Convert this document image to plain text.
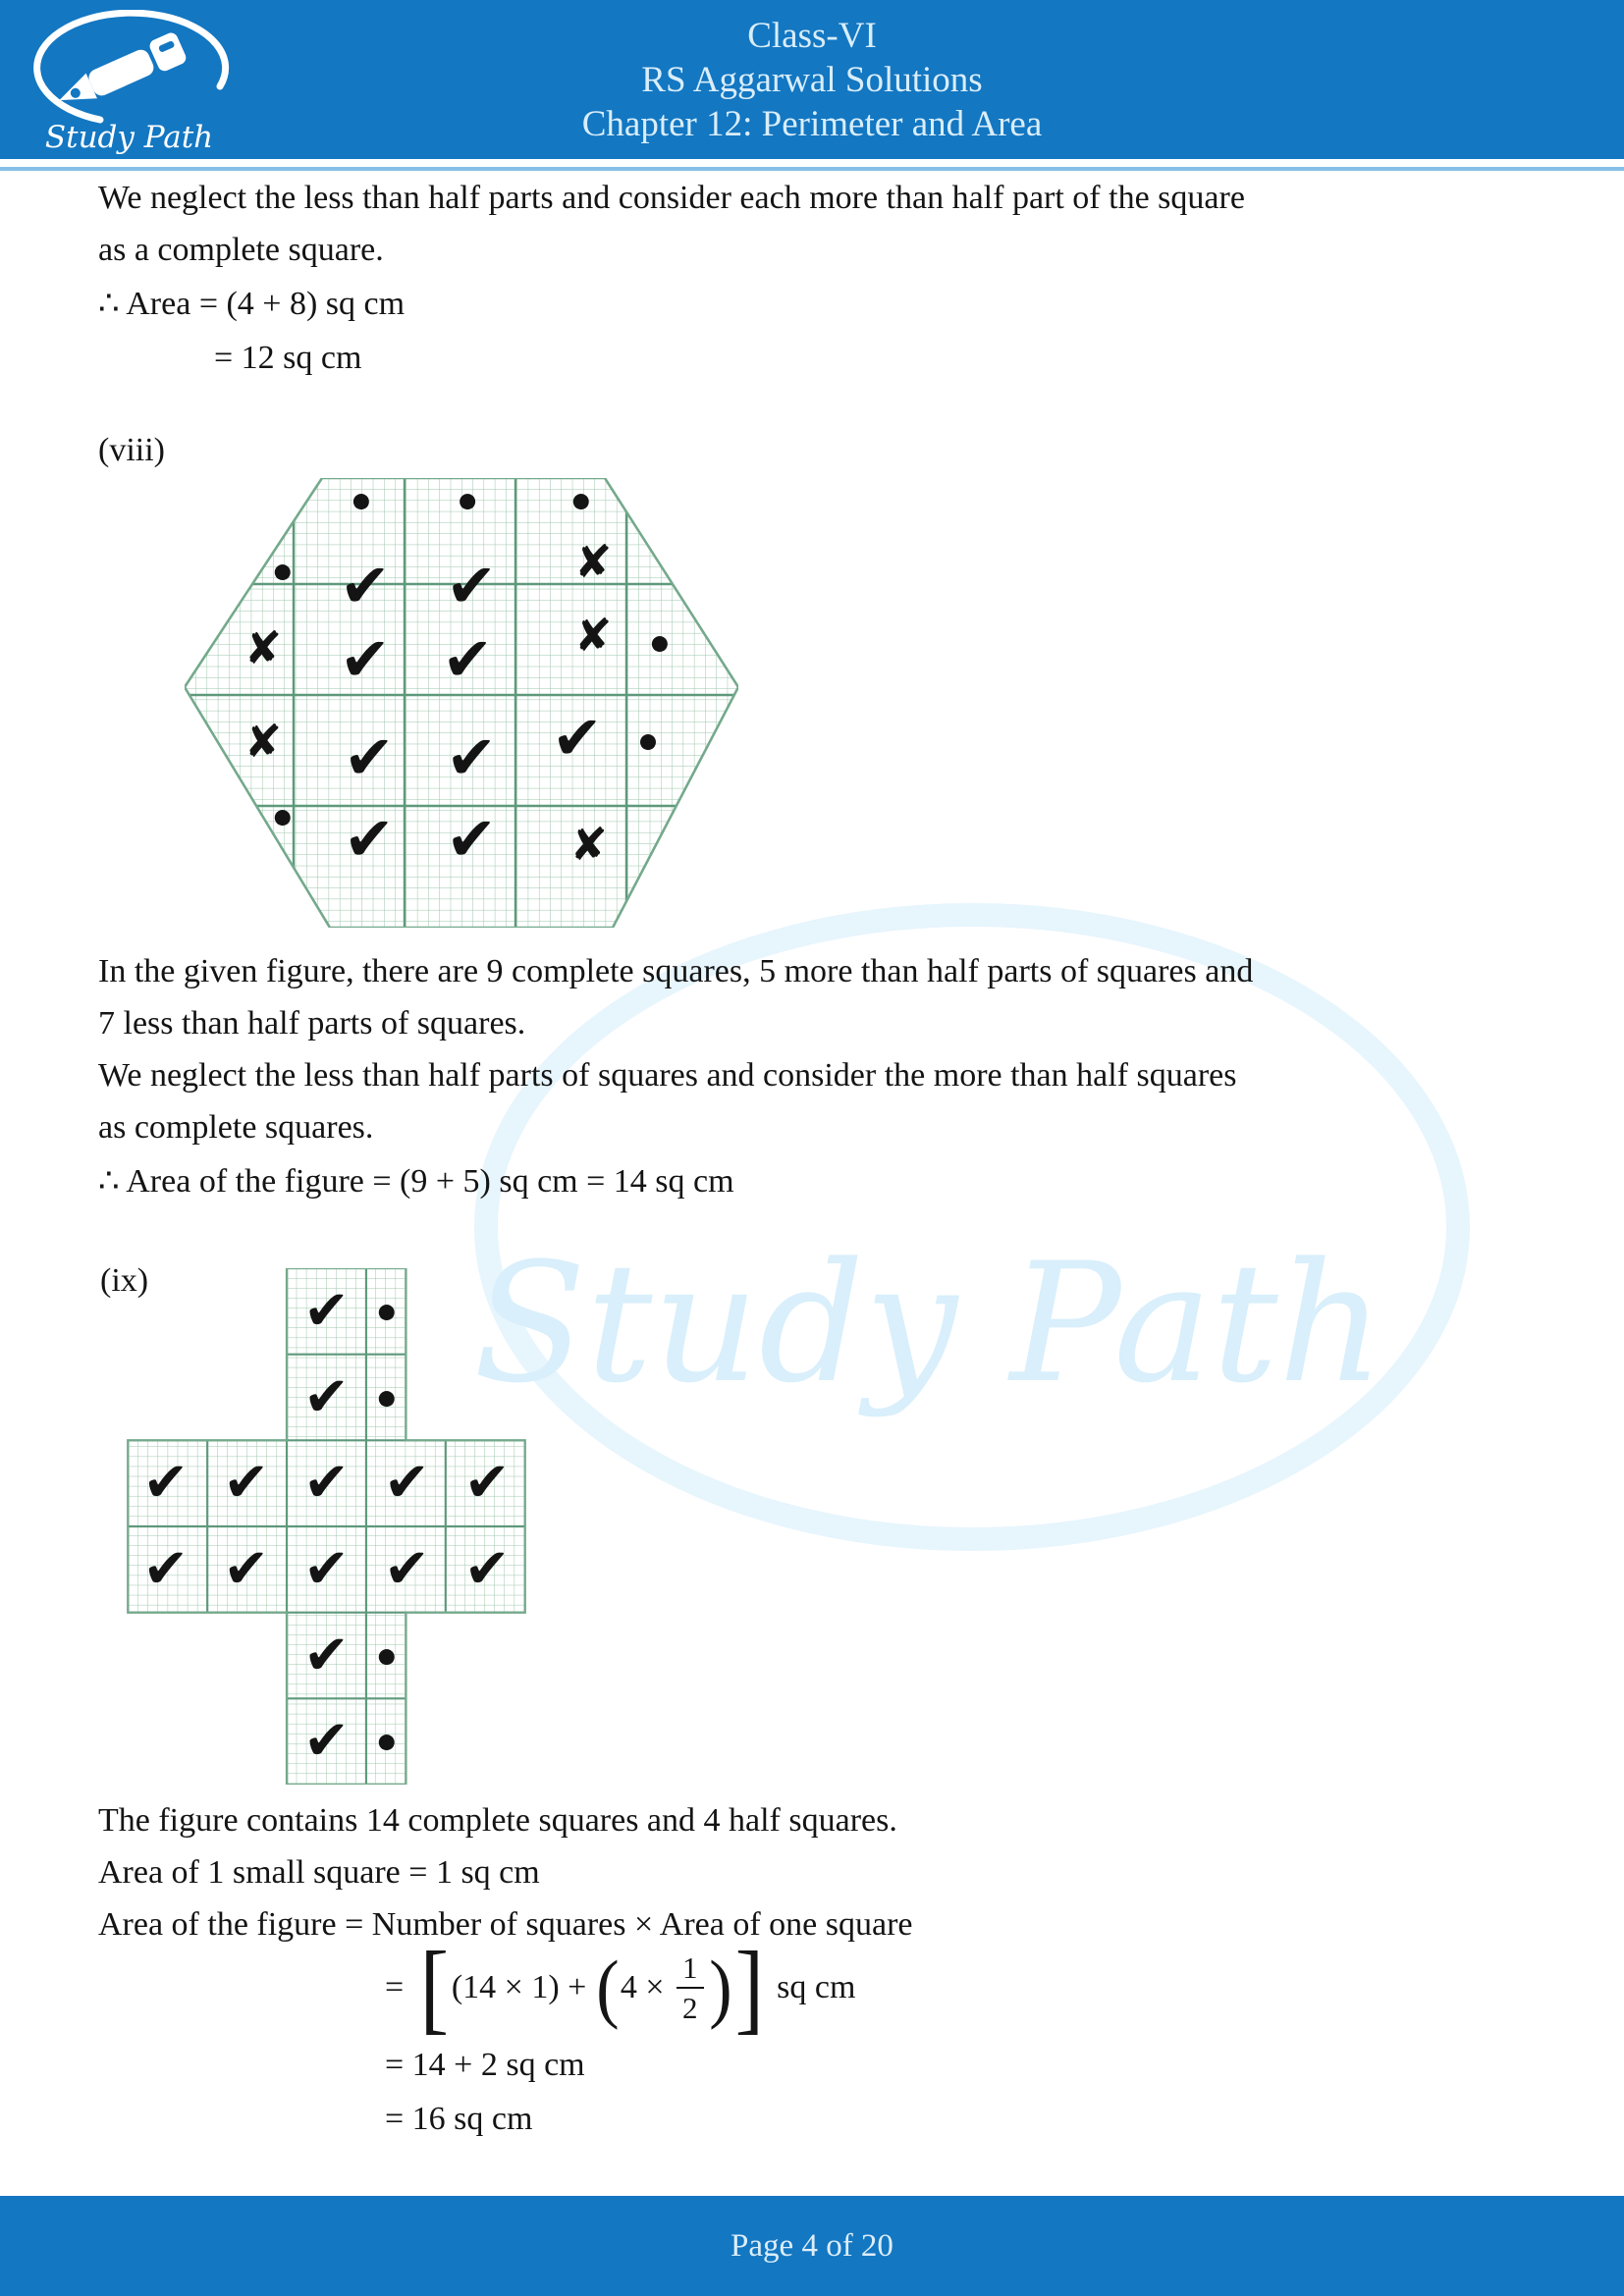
Study Path
Study Path
Class-VI
RS Aggarwal Solutions
Chapter 12: Perimeter and Area
We neglect the less than half parts and consider each more than half part of the square
as a complete square.
∴ Area = (4 + 8) sq cm
= 12 sq cm
(viii)
●	●	●
● ✔ ✔ ✘
✘ ✔ ✔ ✘ ●
✘ ✔ ✔ ✔ ●
● ✔ ✔ ✘
In the given figure, there are 9 complete squares, 5 more than half parts of squares and
7 less than half parts of squares.
We neglect the less than half parts of squares and consider the more than half squares
as complete squares.
∴ Area of the figure = (9 + 5) sq cm = 14 sq cm
(ix)	✔ ●
✔ ●
✔ ✔ ✔ ✔ ✔
✔ ✔ ✔ ✔ ✔
✔ ●
✔ ●
The figure contains 14 complete squares and 4 half squares.
Area of 1 small square = 1 sq cm
Area of the figure = Number of squares × Area of one square
= [ (14 × 1) + ( $4 \times \frac{1}{2}$ ) ] sq cm
= 14 + 2 sq cm
= 16 sq cm
Page 4 of 20
